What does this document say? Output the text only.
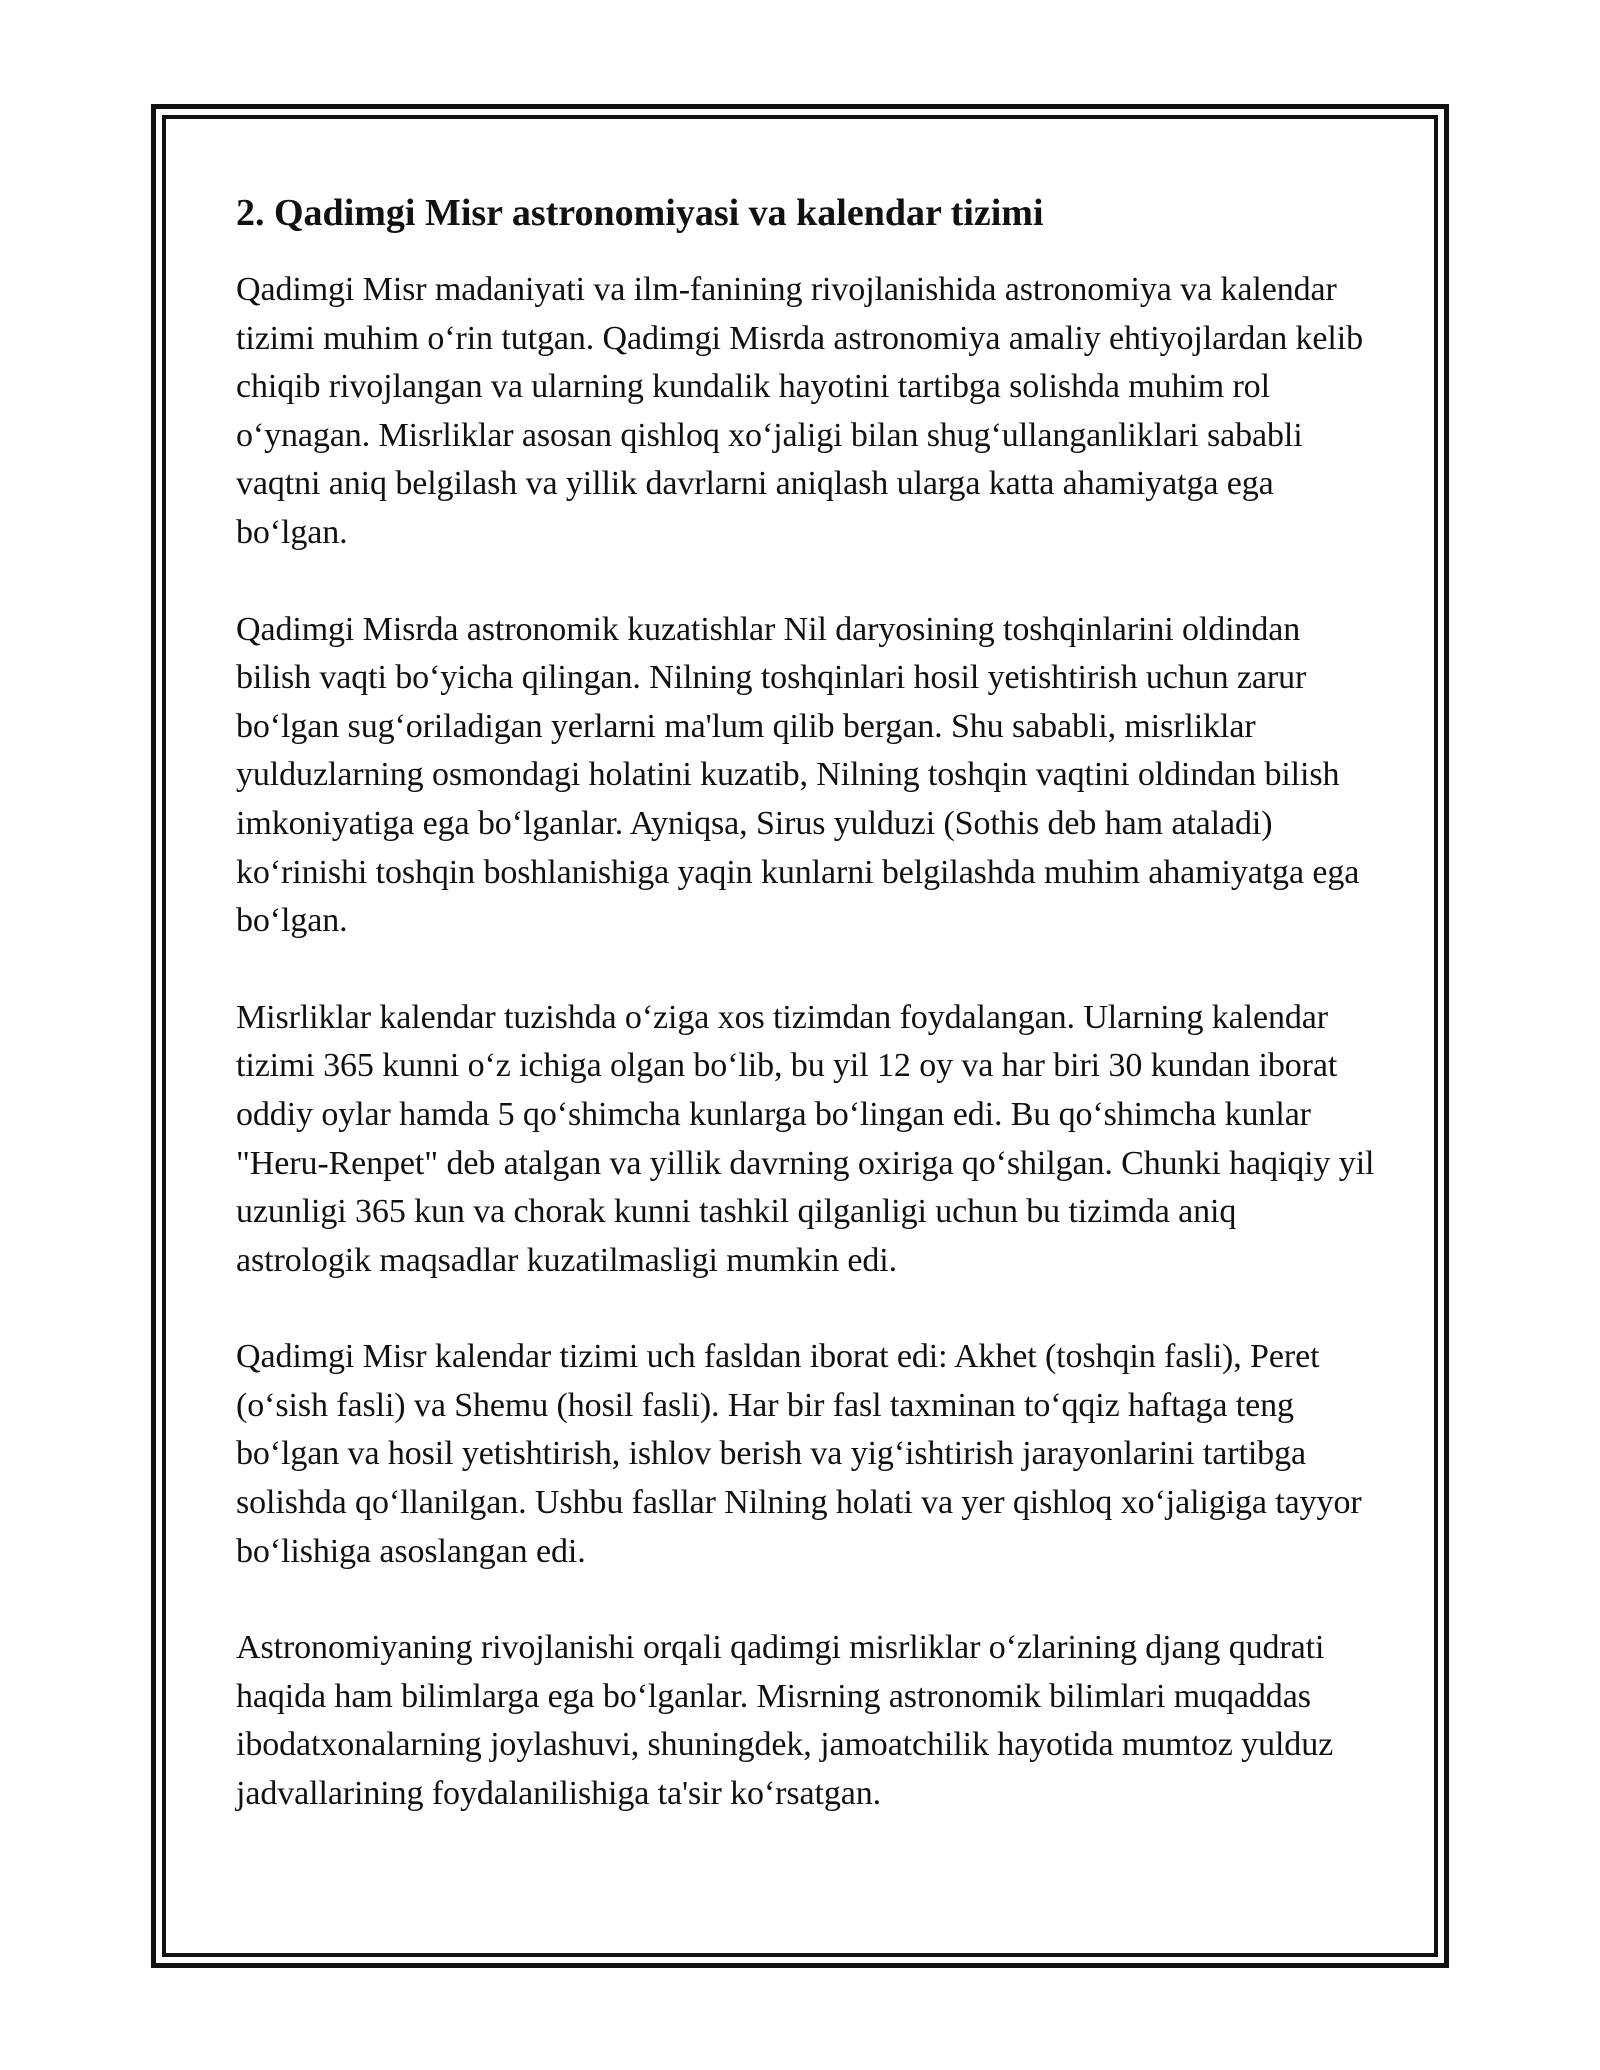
2. Qadimgi Misr astronomiyasi va kalendar tizimi

Qadimgi Misr madaniyati va ilm-fanining rivojlanishida astronomiya va kalendar tizimi muhim o‘rin tutgan. Qadimgi Misrda astronomiya amaliy ehtiyojlardan kelib chiqib rivojlangan va ularning kundalik hayotini tartibga solishda muhim rol o‘ynagan. Misrliklar asosan qishloq xo‘jaligi bilan shug‘ullanganliklari sababli vaqtni aniq belgilash va yillik davrlarni aniqlash ularga katta ahamiyatga ega bo‘lgan.

Qadimgi Misrda astronomik kuzatishlar Nil daryosining toshqinlarini oldindan bilish vaqti bo‘yicha qilingan. Nilning toshqinlari hosil yetishtirish uchun zarur bo‘lgan sug‘oriladigan yerlarni ma'lum qilib bergan. Shu sababli, misrliklar yulduzlarning osmondagi holatini kuzatib, Nilning toshqin vaqtini oldindan bilish imkoniyatiga ega bo‘lganlar. Ayniqsa, Sirus yulduzi (Sothis deb ham ataladi) ko‘rinishi toshqin boshlanishiga yaqin kunlarni belgilashda muhim ahamiyatga ega bo‘lgan.

Misrliklar kalendar tuzishda o‘ziga xos tizimdan foydalangan. Ularning kalendar tizimi 365 kunni o‘z ichiga olgan bo‘lib, bu yil 12 oy va har biri 30 kundan iborat oddiy oylar hamda 5 qo‘shimcha kunlarga bo‘lingan edi. Bu qo‘shimcha kunlar "Heru-Renpet" deb atalgan va yillik davrning oxiriga qo‘shilgan. Chunki haqiqiy yil uzunligi 365 kun va chorak kunni tashkil qilganligi uchun bu tizimda aniq astrologik maqsadlar kuzatilmasligi mumkin edi.

Qadimgi Misr kalendar tizimi uch fasldan iborat edi: Akhet (toshqin fasli), Peret (o‘sish fasli) va Shemu (hosil fasli). Har bir fasl taxminan to‘qqiz haftaga teng bo‘lgan va hosil yetishtirish, ishlov berish va yig‘ishtirish jarayonlarini tartibga solishda qo‘llanilgan. Ushbu fasllar Nilning holati va yer qishloq xo‘jaligiga tayyor bo‘lishiga asoslangan edi.

Astronomiyaning rivojlanishi orqali qadimgi misrliklar o‘zlarining djang qudrati haqida ham bilimlarga ega bo‘lganlar. Misrning astronomik bilimlari muqaddas ibodatxonalarning joylashuvi, shuningdek, jamoatchilik hayotida mumtoz yulduz jadvallarining foydalanilishiga ta'sir ko‘rsatgan.
